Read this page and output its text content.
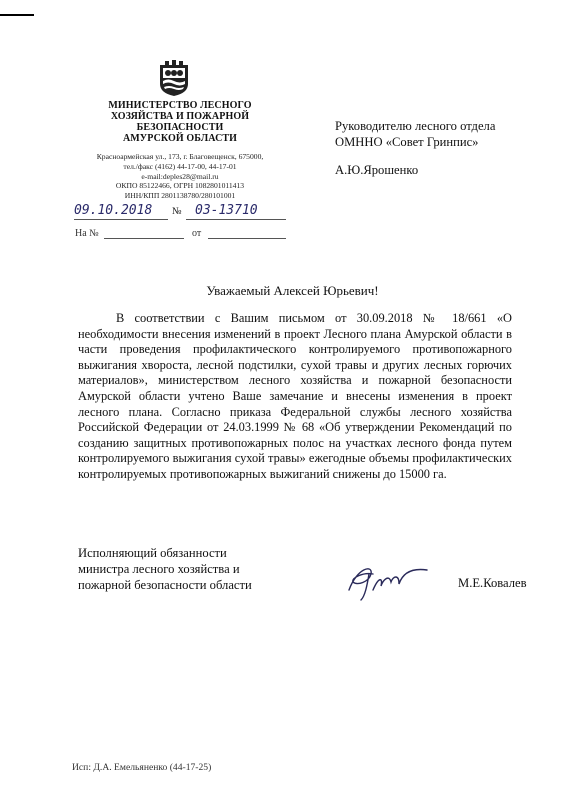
МИНИСТЕРСТВО ЛЕСНОГО
ХОЗЯЙСТВА И ПОЖАРНОЙ
БЕЗОПАСНОСТИ
АМУРСКОЙ ОБЛАСТИ
Красноармейская ул., 173, г. Благовещенск, 675000,
тел./факс (4162) 44-17-00, 44-17-01
e-mail:deples28@mail.ru
ОКПО 85122466, ОГРН 1082801011413
ИНН/КПП 2801138780/280101001
09.10.2018 № 03-13710
На №	от
Руководителю лесного отдела
ОМННО «Совет Гринпис»
А.Ю.Ярошенко
Уважаемый Алексей Юрьевич!

В соответствии с Вашим письмом от 30.09.2018 № 18/661 «О необходимости внесения изменений в проект Лесного плана Амурской области в части проведения профилактического контролируемого противопожарного выжигания хвороста, лесной подстилки, сухой травы и других лесных горючих материалов», министерством лесного хозяйства и пожарной безопасности Амурской области учтено Ваше замечание и внесены изменения в проект лесного плана. Согласно приказа Федеральной службы лесного хозяйства Российской Федерации от 24.03.1999 № 68 «Об утверждении Рекомендаций по созданию защитных противопожарных полос на участках лесного фонда путем контролируемого выжигания сухой травы» ежегодные объемы профилактических контролируемых противопожарных выжиганий снижены до 15000 га.

Исполняющий обязанности
министра лесного хозяйства и
пожарной безопасности области	М.Е.Ковалев
Исп: Д.А. Емельяненко (44-17-25)
